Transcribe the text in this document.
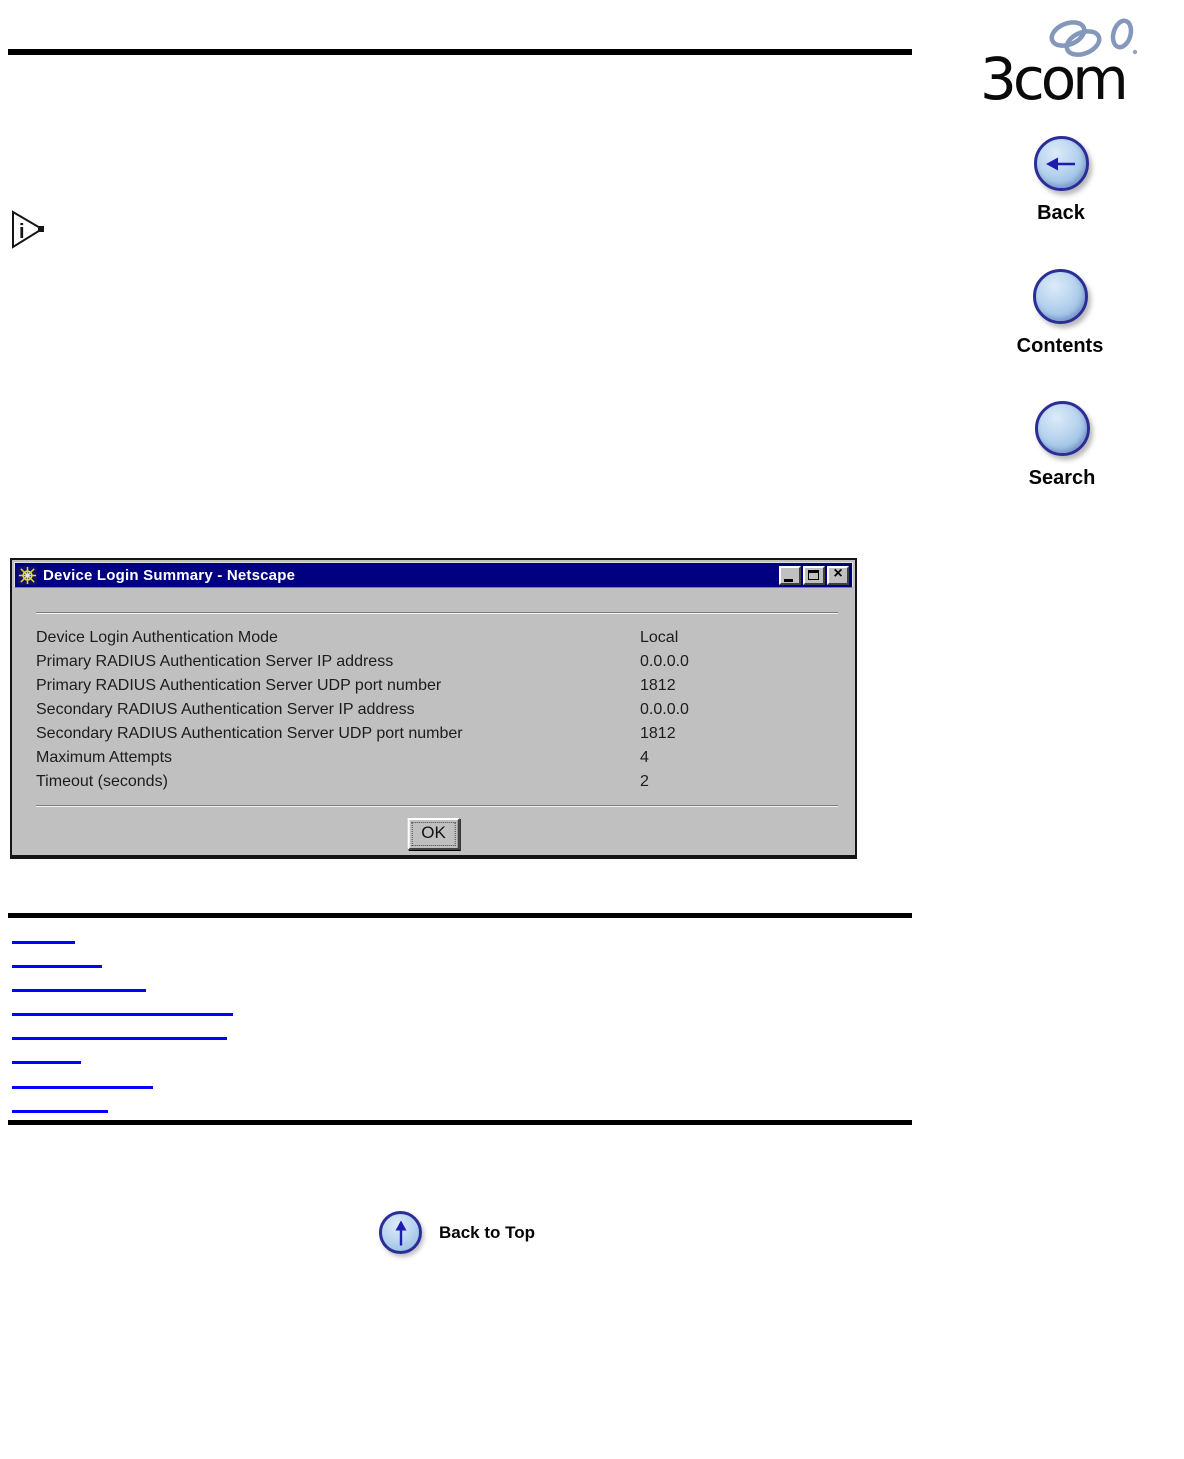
i
3com
Back
Contents
Search
Device Login Summary - Netscape	×
Device Login Authentication Mode	Local
Primary RADIUS Authentication Server IP address	0.0.0.0
Primary RADIUS Authentication Server UDP port number	1812
Secondary RADIUS Authentication Server IP address	0.0.0.0
Secondary RADIUS Authentication Server UDP port number	1812
Maximum Attempts	4
Timeout (seconds)	2
OK
Back to Top
